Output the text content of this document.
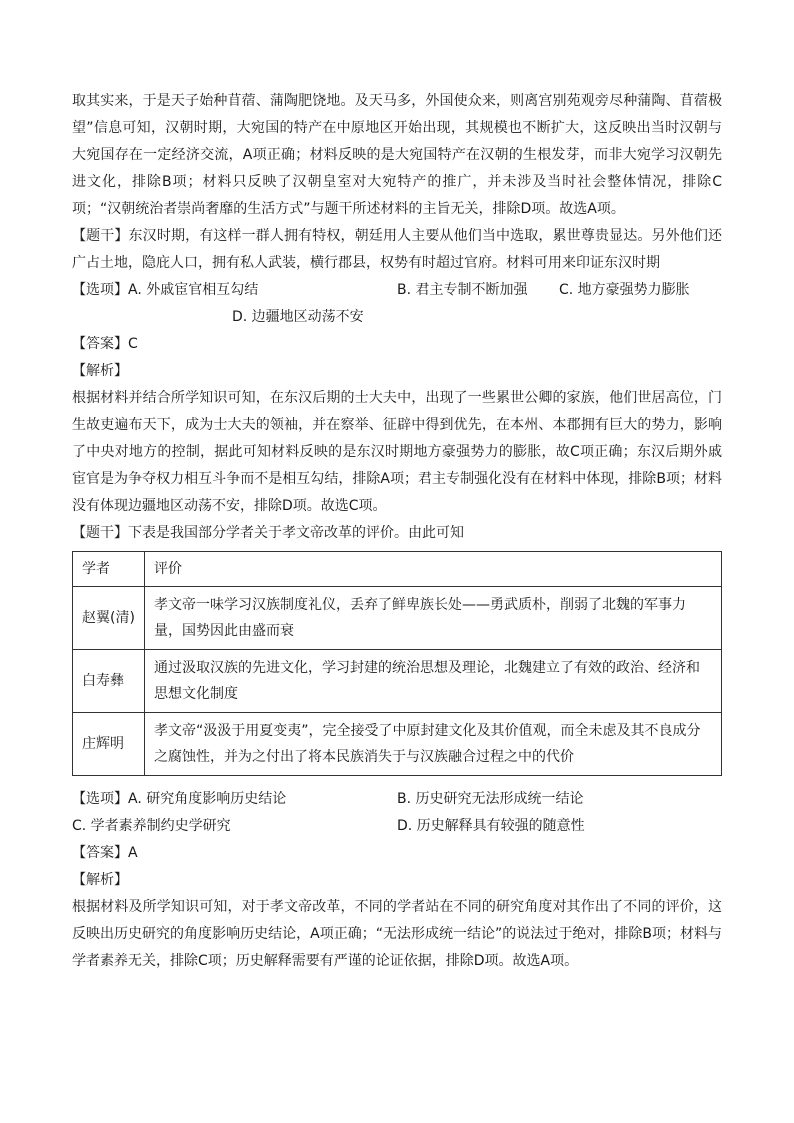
取其实来，于是天子始种苜蓿、蒲陶肥饶地。及天马多，外国使众来，则离宫别苑观旁尽种蒲陶、苜蓿极望”信息可知，汉朝时期，大宛国的特产在中原地区开始出现，其规模也不断扩大，这反映出当时汉朝与大宛国存在一定经济交流，A项正确；材料反映的是大宛国特产在汉朝的生根发芽，而非大宛学习汉朝先进文化，排除B项；材料只反映了汉朝皇室对大宛特产的推广，并未涉及当时社会整体情况，排除C项；“汉朝统治者崇尚奢靡的生活方式”与题干所述材料的主旨无关，排除D项。故选A项。

【题干】东汉时期，有这样一群人拥有特权，朝廷用人主要从他们当中选取，累世尊贵显达。另外他们还广占土地，隐庇人口，拥有私人武装，横行郡县，权势有时超过官府。材料可用来印证东汉时期

【选项】 A. 外戚宦官相互勾结	B. 君主专制不断加强 C. 地方豪强势力膨胀
D. 边疆地区动荡不安

【答案】C

【解析】

根据材料并结合所学知识可知，在东汉后期的士大夫中，出现了一些累世公卿的家族，他们世居高位，门生故吏遍布天下，成为士大夫的领袖，并在察举、征辟中得到优先，在本州、本郡拥有巨大的势力，影响了中央对地方的控制，据此可知材料反映的是东汉时期地方豪强势力的膨胀，故C项正确；东汉后期外戚宦官是为争夺权力相互斗争而不是相互勾结，排除A项；君主专制强化没有在材料中体现，排除B项；材料没有体现边疆地区动荡不安，排除D项。故选C项。

【题干】下表是我国部分学者关于孝文帝改革的评价。由此可知

学者	评价
赵翼(清)	孝文帝一味学习汉族制度礼仪，丢弃了鲜卑族长处——勇武质朴，削弱了北魏的军事力量，国势因此由盛而衰
白寿彝	通过汲取汉族的先进文化，学习封建的统治思想及理论，北魏建立了有效的政治、经济和思想文化制度
庄辉明	孝文帝“汲汲于用夏变夷”，完全接受了中原封建文化及其价值观，而全未虑及其不良成分之腐蚀性，并为之付出了将本民族消失于与汉族融合过程之中的代价
【选项】 A. 研究角度影响历史结论	B. 历史研究无法形成统一结论
C. 学者素养制约史学研究	D. 历史解释具有较强的随意性

【答案】A

【解析】

根据材料及所学知识可知，对于孝文帝改革，不同的学者站在不同的研究角度对其作出了不同的评价，这反映出历史研究的角度影响历史结论，A项正确；“无法形成统一结论”的说法过于绝对，排除B项；材料与学者素养无关，排除C项；历史解释需要有严谨的论证依据，排除D项。故选A项。
